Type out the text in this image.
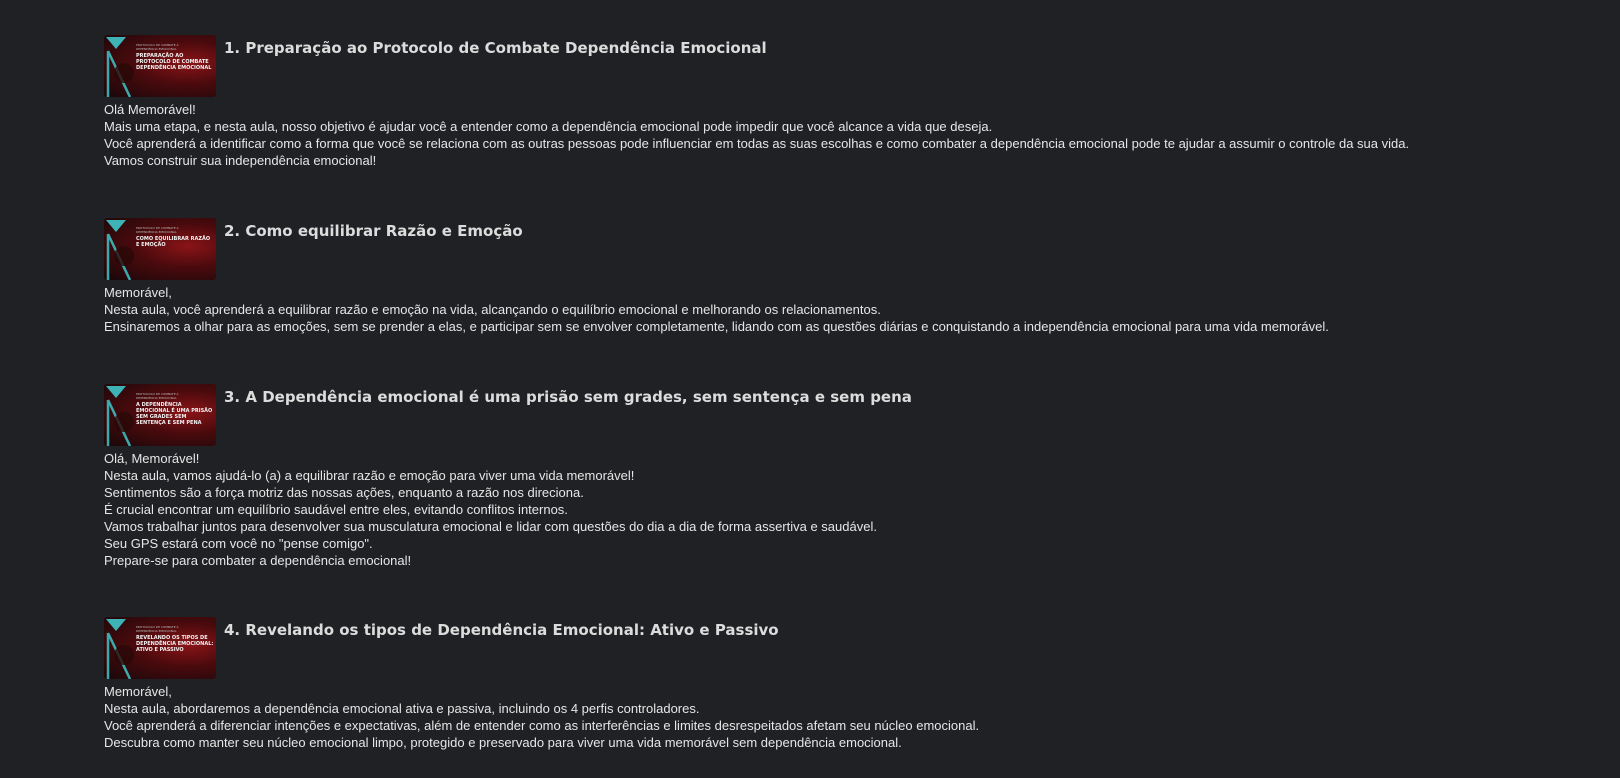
PROTOCOLO DE COMBATE À DEPENDÊNCIA EMOCIONAL
PREPARAÇÃO AO PROTOCOLO DE COMBATE DEPENDÊNCIA EMOCIONAL
1. Preparação ao Protocolo de Combate Dependência Emocional
Olá Memorável!
Mais uma etapa, e nesta aula, nosso objetivo é ajudar você a entender como a dependência emocional pode impedir que você alcance a vida que deseja.
Você aprenderá a identificar como a forma que você se relaciona com as outras pessoas pode influenciar em todas as suas escolhas e como combater a dependência emocional pode te ajudar a assumir o controle da sua vida.
Vamos construir sua independência emocional!
PROTOCOLO DE COMBATE À DEPENDÊNCIA EMOCIONAL
COMO EQUILIBRAR RAZÃO E EMOÇÃO
2. Como equilibrar Razão e Emoção
Memorável,
Nesta aula, você aprenderá a equilibrar razão e emoção na vida, alcançando o equilíbrio emocional e melhorando os relacionamentos.
Ensinaremos a olhar para as emoções, sem se prender a elas, e participar sem se envolver completamente, lidando com as questões diárias e conquistando a independência emocional para uma vida memorável.
PROTOCOLO DE COMBATE À DEPENDÊNCIA EMOCIONAL
A DEPENDÊNCIA EMOCIONAL É UMA PRISÃO SEM GRADES SEM SENTENÇA E SEM PENA
3. A Dependência emocional é uma prisão sem grades, sem sentença e sem pena
Olá, Memorável!
Nesta aula, vamos ajudá-lo (a) a equilibrar razão e emoção para viver uma vida memorável!
Sentimentos são a força motriz das nossas ações, enquanto a razão nos direciona.
É crucial encontrar um equilíbrio saudável entre eles, evitando conflitos internos.
Vamos trabalhar juntos para desenvolver sua musculatura emocional e lidar com questões do dia a dia de forma assertiva e saudável.
Seu GPS estará com você no "pense comigo".
Prepare-se para combater a dependência emocional!
PROTOCOLO DE COMBATE À DEPENDÊNCIA EMOCIONAL
REVELANDO OS TIPOS DE DEPENDÊNCIA EMOCIONAL: ATIVO E PASSIVO
4. Revelando os tipos de Dependência Emocional: Ativo e Passivo
Memorável,
Nesta aula, abordaremos a dependência emocional ativa e passiva, incluindo os 4 perfis controladores.
Você aprenderá a diferenciar intenções e expectativas, além de entender como as interferências e limites desrespeitados afetam seu núcleo emocional.
Descubra como manter seu núcleo emocional limpo, protegido e preservado para viver uma vida memorável sem dependência emocional.
